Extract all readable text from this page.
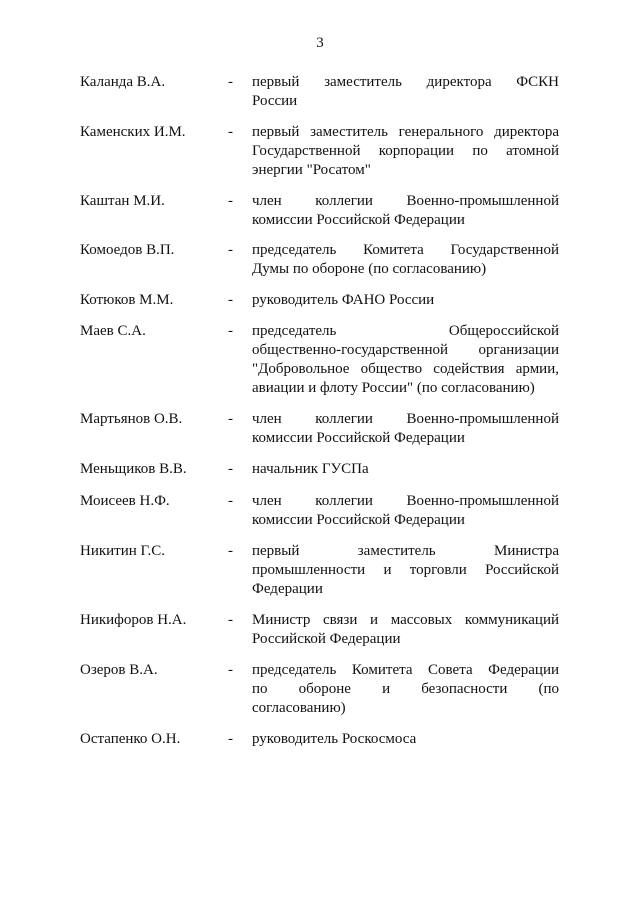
3
Каланда В.А.	- первый заместитель директора ФСКН
России
Каменских И.М.	- первый заместитель генерального директора
Государственной корпорации по атомной
энергии "Росатом"
Каштан М.И.	- член коллегии Военно-промышленной
комиссии Российской Федерации
Комоедов В.П.	- председатель Комитета Государственной
Думы по обороне (по согласованию)
Котюков М.М.	- руководитель ФАНО России
Маев С.А.	- председатель Общероссийской
общественно-государственной организации
"Добровольное общество содействия армии,
авиации и флоту России" (по согласованию)
Мартьянов О.В.	- член коллегии Военно-промышленной
комиссии Российской Федерации
Меньщиков В.В.	- начальник ГУСПа
Моисеев Н.Ф.	- член коллегии Военно-промышленной
комиссии Российской Федерации
Никитин Г.С.	- первый заместитель Министра
промышленности и торговли Российской
Федерации
Никифоров Н.А.	- Министр связи и массовых коммуникаций
Российской Федерации
Озеров В.А.	- председатель Комитета Совета Федерации
по обороне и безопасности (по
согласованию)
Остапенко О.Н.	- руководитель Роскосмоса
